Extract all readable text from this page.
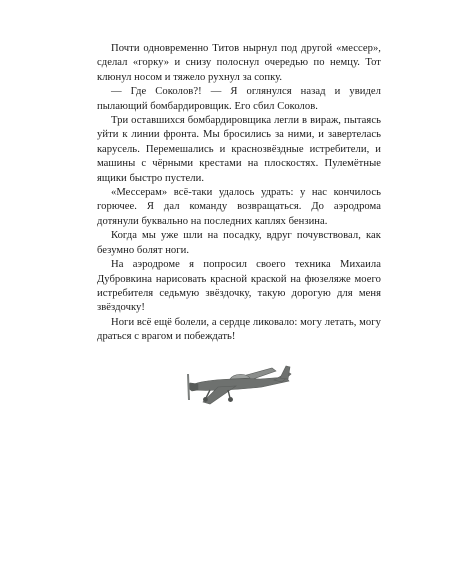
Почти одновременно Титов нырнул под другой «мессер», сделал «горку» и снизу полоснул очередью по немцу. Тот клюнул носом и тяжело рухнул за сопку.

— Где Соколов?! — Я оглянулся назад и увидел пылающий бомбардировщик. Его сбил Соколов.

Три оставшихся бомбардировщика легли в вираж, пытаясь уйти к линии фронта. Мы бросились за ними, и завертелась карусель. Перемешались и краснозвёздные истребители, и машины с чёрными крестами на плоскостях. Пулемётные ящики быстро пустели.

«Мессерам» всё-таки удалось удрать: у нас кончилось горючее. Я дал команду возвращаться. До аэродрома дотянули буквально на последних каплях бензина.

Когда мы уже шли на посадку, вдруг почувствовал, как безумно болят ноги.

На аэродроме я попросил своего техника Михаила Дубровкина нарисовать красной краской на фюзеляже моего истребителя седьмую звёздочку, такую дорогую для меня звёздочку!

Ноги всё ещё болели, а сердце ликовало: могу летать, могу драться с врагом и побеждать!
